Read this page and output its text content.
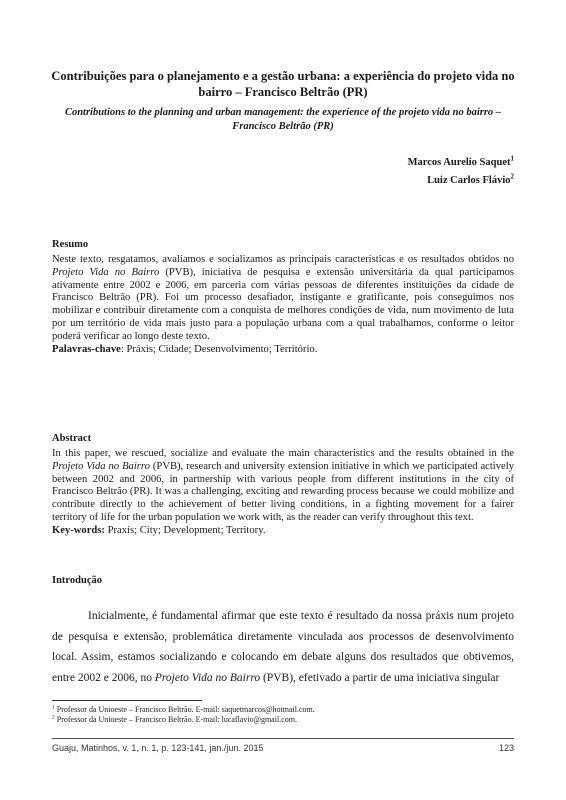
Contribuições para o planejamento e a gestão urbana: a experiência do projeto vida no bairro – Francisco Beltrão (PR)
Contributions to the planning and urban management: the experience of the projeto vida no bairro – Francisco Beltrão (PR)
Marcos Aurelio Saquet$^1$
Luiz Carlos Flávio$^2$
Resumo

Neste texto, resgatamos, avaliamos e socializamos as principais características e os resultados obtidos no Projeto Vida no Bairro (PVB), iniciativa de pesquisa e extensão universitária da qual participamos ativamente entre 2002 e 2006, em parceria com várias pessoas de diferentes instituições da cidade de Francisco Beltrão (PR). Foi um processo desafiador, instigante e gratificante, pois conseguimos nos mobilizar e contribuir diretamente com a conquista de melhores condições de vida, num movimento de luta por um território de vida mais justo para a população urbana com a qual trabalhamos, conforme o leitor poderá verificar ao longo deste texto.

Palavras-chave: Práxis; Cidade; Desenvolvimento; Território.
Abstract

In this paper, we rescued, socialize and evaluate the main characteristics and the results obtained in the Projeto Vida no Bairro (PVB), research and university extension initiative in which we participated actively between 2002 and 2006, in partnership with various people from different institutions in the city of Francisco Beltrão (PR). It was a challenging, exciting and rewarding process because we could mobilize and contribute directly to the achievement of better living conditions, in a fighting movement for a fairer territory of life for the urban population we work with, as the reader can verify throughout this text.
Key-words: Praxis; City; Development; Territory.

Introdução

Inicialmente, é fundamental afirmar que este texto é resultado da nossa práxis num projeto de pesquisa e extensão, problemática diretamente vinculada aos processos de desenvolvimento local. Assim, estamos socializando e colocando em debate alguns dos resultados que obtivemos, entre 2002 e 2006, no Projeto Vida no Bairro (PVB), efetivado a partir de uma iniciativa singular

$^1$ Professor da Unioeste – Francisco Beltrão. E-mail: saquetmarcos@hotmail.com.
$^2$ Professor da Unioeste – Francisco Beltrão. E-mail: lucaflavio@gmail.com.
Guaju, Matinhos, v. 1, n. 1, p. 123-141, jan./jun. 2015	123
